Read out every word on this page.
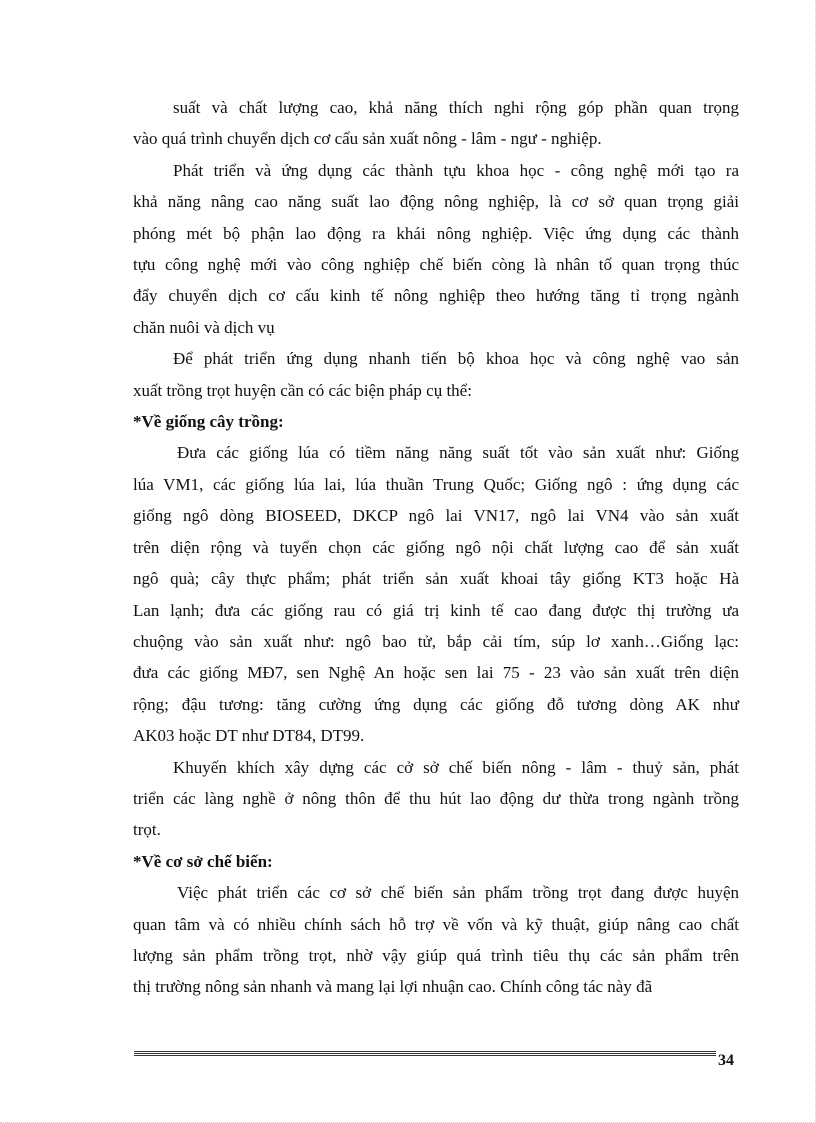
suất và chất lượng cao, khả năng thích nghi rộng góp phần quan trọng

vào quá trình chuyển dịch cơ cấu sản xuất nông - lâm - ngư - nghiệp.

Phát triển và ứng dụng các thành tựu khoa học - công nghệ mới tạo ra

khả năng nâng cao năng suất lao động nông nghiệp, là cơ sở quan trọng giải

phóng mét bộ phận lao động ra khái nông nghiệp. Việc ứng dụng các thành

tựu công nghệ mới vào công nghiệp chế biến còng là nhân tố quan trọng thúc

đẩy chuyển dịch cơ cấu kinh tế nông nghiệp theo hướng tăng tỉ trọng ngành

chăn nuôi và dịch vụ

Để phát triển ứng dụng nhanh tiến bộ khoa học và công nghệ vao sản

xuất trồng trọt huyện cần có các biện pháp cụ thể:

*Về giống cây trồng:

Đưa các giống lúa có tiềm năng năng suất tốt vào sản xuất như: Giống

lúa VM1, các giống lúa lai, lúa thuần Trung Quốc; Giống ngô : ứng dụng các

giống ngô dòng BIOSEED, DKCP ngô lai VN17, ngô lai VN4 vào sản xuất

trên diện rộng và tuyển chọn các giống ngô nội chất lượng cao để sản xuất

ngô quà; cây thực phẩm; phát triển sản xuất khoai tây giống KT3 hoặc Hà

Lan lạnh; đưa các giống rau có giá trị kinh tế cao đang được thị trường ưa

chuộng vào sản xuất như: ngô bao tử, bắp cải tím, súp lơ xanh…Giống lạc:

đưa các giống MĐ7, sen Nghệ An hoặc sen lai 75 - 23 vào sản xuất trên diện

rộng; đậu tương: tăng cường ứng dụng các giống đỗ tương dòng AK như

AK03 hoặc DT như DT84, DT99.

Khuyến khích xây dựng các cở sở chế biến nông - lâm - thuỷ sản, phát

triển các làng nghề ở nông thôn để thu hút lao động dư thừa trong ngành trồng

trọt.

*Về cơ sở chế biến:

Việc phát triển các cơ sở chế biến sản phẩm trồng trọt đang được huyện

quan tâm và có nhiều chính sách hỗ trợ về vốn và kỹ thuật, giúp nâng cao chất

lượng sản phẩm trồng trọt, nhờ vậy giúp quá trình tiêu thụ các sản phẩm trên

thị trường nông sản nhanh và mang lại lợi nhuận cao. Chính công tác này đã

34
